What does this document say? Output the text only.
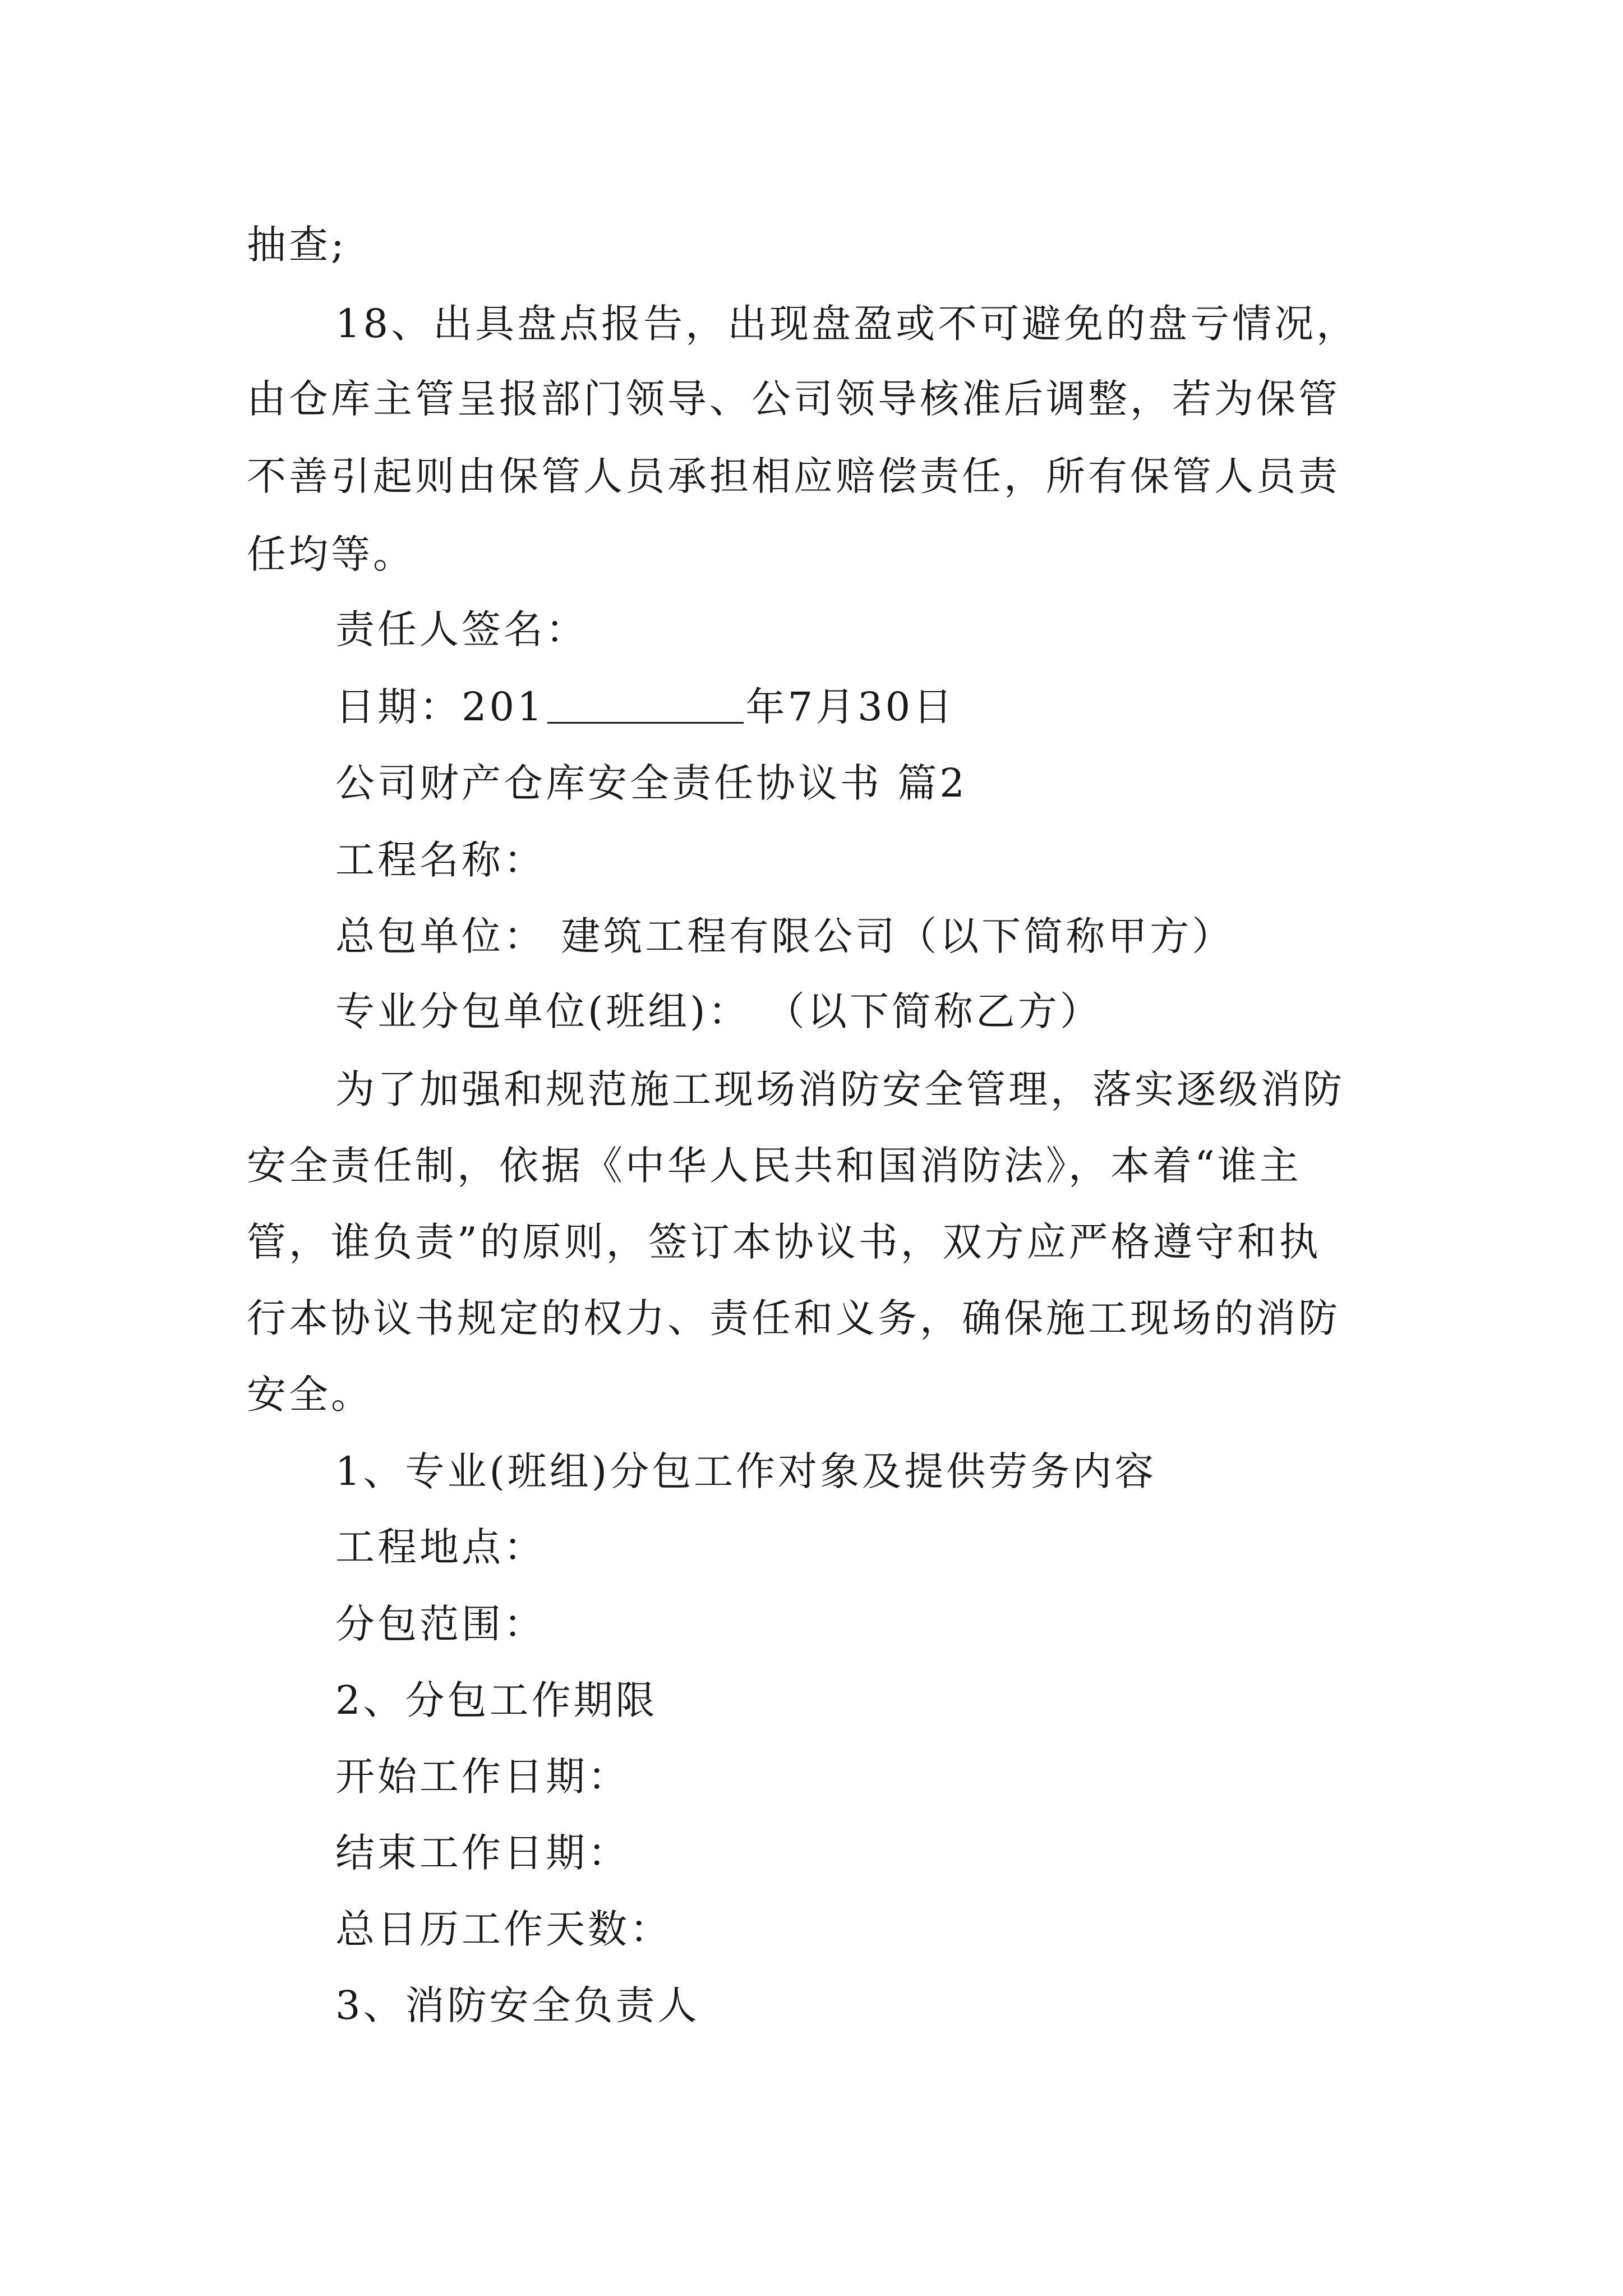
抽查;
18、出具盘点报告，出现盘盈或不可避免的盘亏情况，
由仓库主管呈报部门领导、公司领导核准后调整，若为保管
不善引起则由保管人员承担相应赔偿责任，所有保管人员责
任均等。
责任人签名：
日期：201	年7月30日
公司财产仓库安全责任协议书 篇2
工程名称：
总包单位： 建筑工程有限公司（以下简称甲方）
专业分包单位(班组)： （以下简称乙方）
为了加强和规范施工现场消防安全管理，落实逐级消防
安全责任制，依据《中华人民共和国消防法》，本着“谁主
管，谁负责”的原则，签订本协议书，双方应严格遵守和执
行本协议书规定的权力、责任和义务，确保施工现场的消防
安全。
1、专业(班组)分包工作对象及提供劳务内容
工程地点：
分包范围：
2、分包工作期限
开始工作日期：
结束工作日期：
总日历工作天数：
3、消防安全负责人
